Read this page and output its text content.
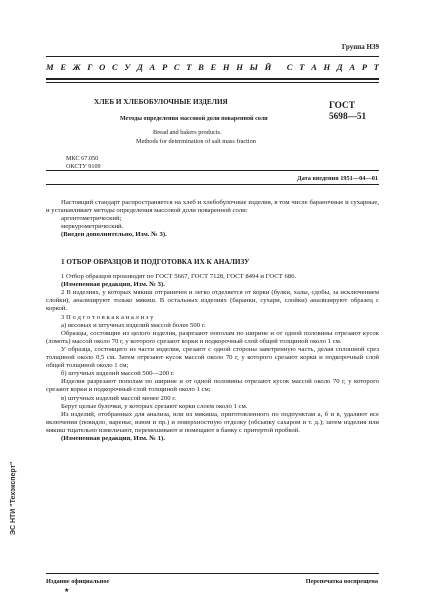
Группа Н39
М Е Ж Г О С У Д А Р С Т В Е Н Н Ы Й
С Т А Н Д А Р Т
ХЛЕБ И ХЛЕБОБУЛОЧНЫЕ ИЗДЕЛИЯ
Методы определения массовой доли поваренной соли
Bread and bakers products.
Methods for determination of salt mass fraction
ГОСТ
5698—51
МКС 67.050
ОКСТУ 9109
Дата введения 1951—04—01

Настоящий стандарт распространяется на хлеб и хлебобулочные изделия, в том числе бараночные и сухарные, и устанавливает методы определения массовой доли поваренной соли:

аргентометрический;

меркурометрический.

(Введен дополнительно, Изм. № 3).

1 ОТБОР ОБРАЗЦОВ И ПОДГОТОВКА ИХ К АНАЛИЗУ

1 Отбор образцов производят по ГОСТ 5667, ГОСТ 7128, ГОСТ 8494 и ГОСТ 686.

(Измененная редакция, Изм. № 3).

2 В изделиях, у которых мякиш отграничен и легко отделяется от корки (булки, халы, сдобы, за исключением слойки), анализируют только мякиш. В остальных изделиях (баранки, сухари, слойки) анализируют образец с коркой.

3 П о д г о т о в к а к а н а л и з у

а) весовых и штучных изделий массой более 500 г.

Образцы, состоящие из целого изделия, разрезают пополам по ширине и от одной половины отрезают кусок (ломоть) массой около 70 г, у которого срезают корки и подкорочный слой общей толщиной около 1 см.

У образца, состоящего из части изделия, срезают с одной стороны заветренную часть, делая сплошной срез толщиной около 0,5 см. Затем отрезают кусок массой около 70 г, у которого срезают корки и подкорочный слой общей толщиной около 1 см;

б) штучных изделий массой 500—200 г.

Изделия разрезают пополам по ширине и от одной половины отрезают кусок массой около 70 г, у которого срезают корки и подкорочный слой толщиной около 1 см;

в) штучных изделий массой менее 200 г.

Берут целые булочки, у которых срезают корки слоем около 1 см.

Из изделий, отобранных для анализа, или из мякиша, приготовленного по подпунктам а, б и в, удаляют все включения (повидло, варенье, изюм и пр.) и поверхностную отделку (обсыпку сахаром и т. д.); затем изделия или мякиш тщательно измельчают, перемешивают и помещают в банку с притертой пробкой.

(Измененная редакция, Изм. № 1).

Издание официальное
★
Перепечатка воспрещена
ЭС НТИ "Техэксперт"
